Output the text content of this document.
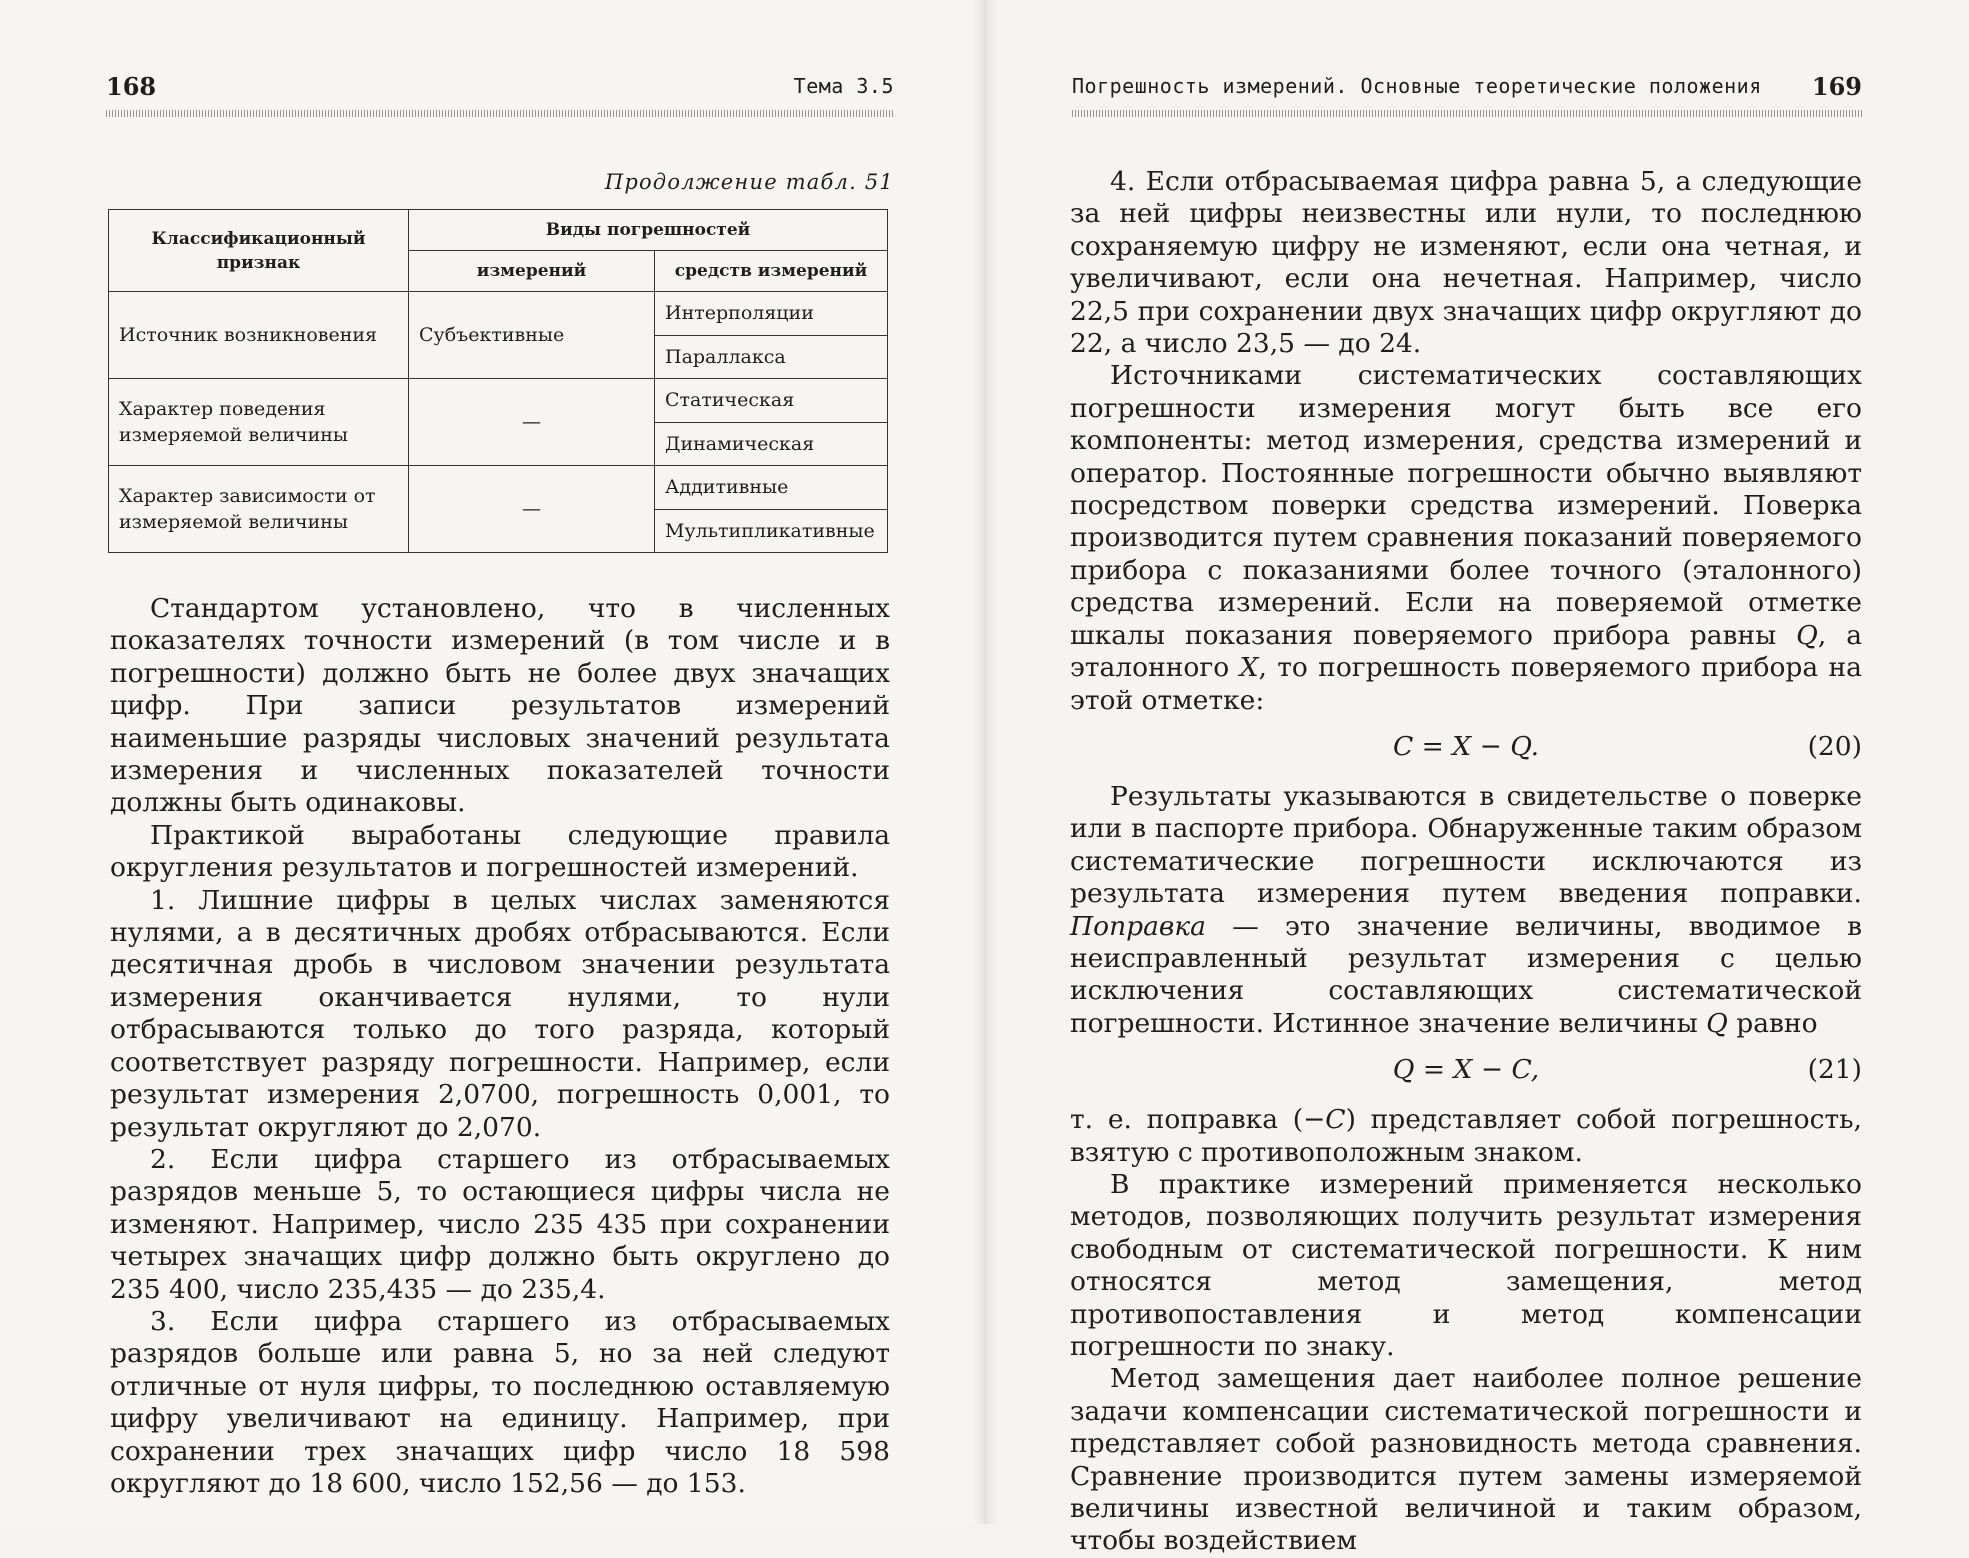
168	Тема 3.5
Продолжение табл. 51
Классификационный признак	Виды погрешностей	
	измерений	средств измерений
Источник возникновения	Субъективные	Интерполяции
		Параллакса
Характер поведения измеряемой величины	—	Статическая
		Динамическая
Характер зависимости от измеряемой величины	—	Аддитивные
		Мультипликативные

Стандартом установлено, что в численных показателях точности измерений (в том числе и в погрешности) должно быть не более двух значащих цифр. При записи результатов измерений наименьшие разряды числовых значений результата измерения и численных показателей точности должны быть одинаковы.

Практикой выработаны следующие правила округления результатов и погрешностей измерений.

1. Лишние цифры в целых числах заменяются нулями, а в десятичных дробях отбрасываются. Если десятичная дробь в числовом значении результата измерения оканчивается нулями, то нули отбрасываются только до того разряда, который соответствует разряду погрешности. Например, если результат измерения 2,0700, погрешность 0,001, то результат округляют до 2,070.

2. Если цифра старшего из отбрасываемых разрядов меньше 5, то остающиеся цифры числа не изменяют. Например, число 235 435 при сохранении четырех значащих цифр должно быть округлено до 235 400, число 235,435 — до 235,4.

3. Если цифра старшего из отбрасываемых разрядов больше или равна 5, но за ней следуют отличные от нуля цифры, то последнюю оставляемую цифру увеличивают на единицу. Например, при сохранении трех значащих цифр число 18 598 округляют до 18 600, число 152,56 — до 153.

Погрешность измерений. Основные теоретические положения 169

4. Если отбрасываемая цифра равна 5, а следующие за ней цифры неизвестны или нули, то последнюю сохраняемую цифру не изменяют, если она четная, и увеличивают, если она нечетная. Например, число 22,5 при сохранении двух значащих цифр округляют до 22, а число 23,5 — до 24.

Источниками систематических составляющих погрешности измерения могут быть все его компоненты: метод измерения, средства измерений и оператор. Постоянные погрешности обычно выявляют посредством поверки средства измерений. Поверка производится путем сравнения показаний поверяемого прибора с показаниями более точного (эталонного) средства измерений. Если на поверяемой отметке шкалы показания поверяемого прибора равны Q, а эталонного X, то погрешность поверяемого прибора на этой отметке:

C = X − Q.	(20)

Результаты указываются в свидетельстве о поверке или в паспорте прибора. Обнаруженные таким образом систематические погрешности исключаются из результата измерения путем введения поправки. Поправка — это значение величины, вводимое в неисправленный результат измерения с целью исключения составляющих систематической погрешности. Истинное значение величины Q равно

Q = X − C,	(21)

т. е. поправка (−C) представляет собой погрешность, взятую с противоположным знаком.

В практике измерений применяется несколько методов, позволяющих получить результат измерения свободным от систематической погрешности. К ним относятся метод замещения, метод противопоставления и метод компенсации погрешности по знаку.

Метод замещения дает наиболее полное решение задачи компенсации систематической погрешности и представляет собой разновидность метода сравнения. Сравнение производится путем замены измеряемой величины известной величиной и таким образом, чтобы воздействием
